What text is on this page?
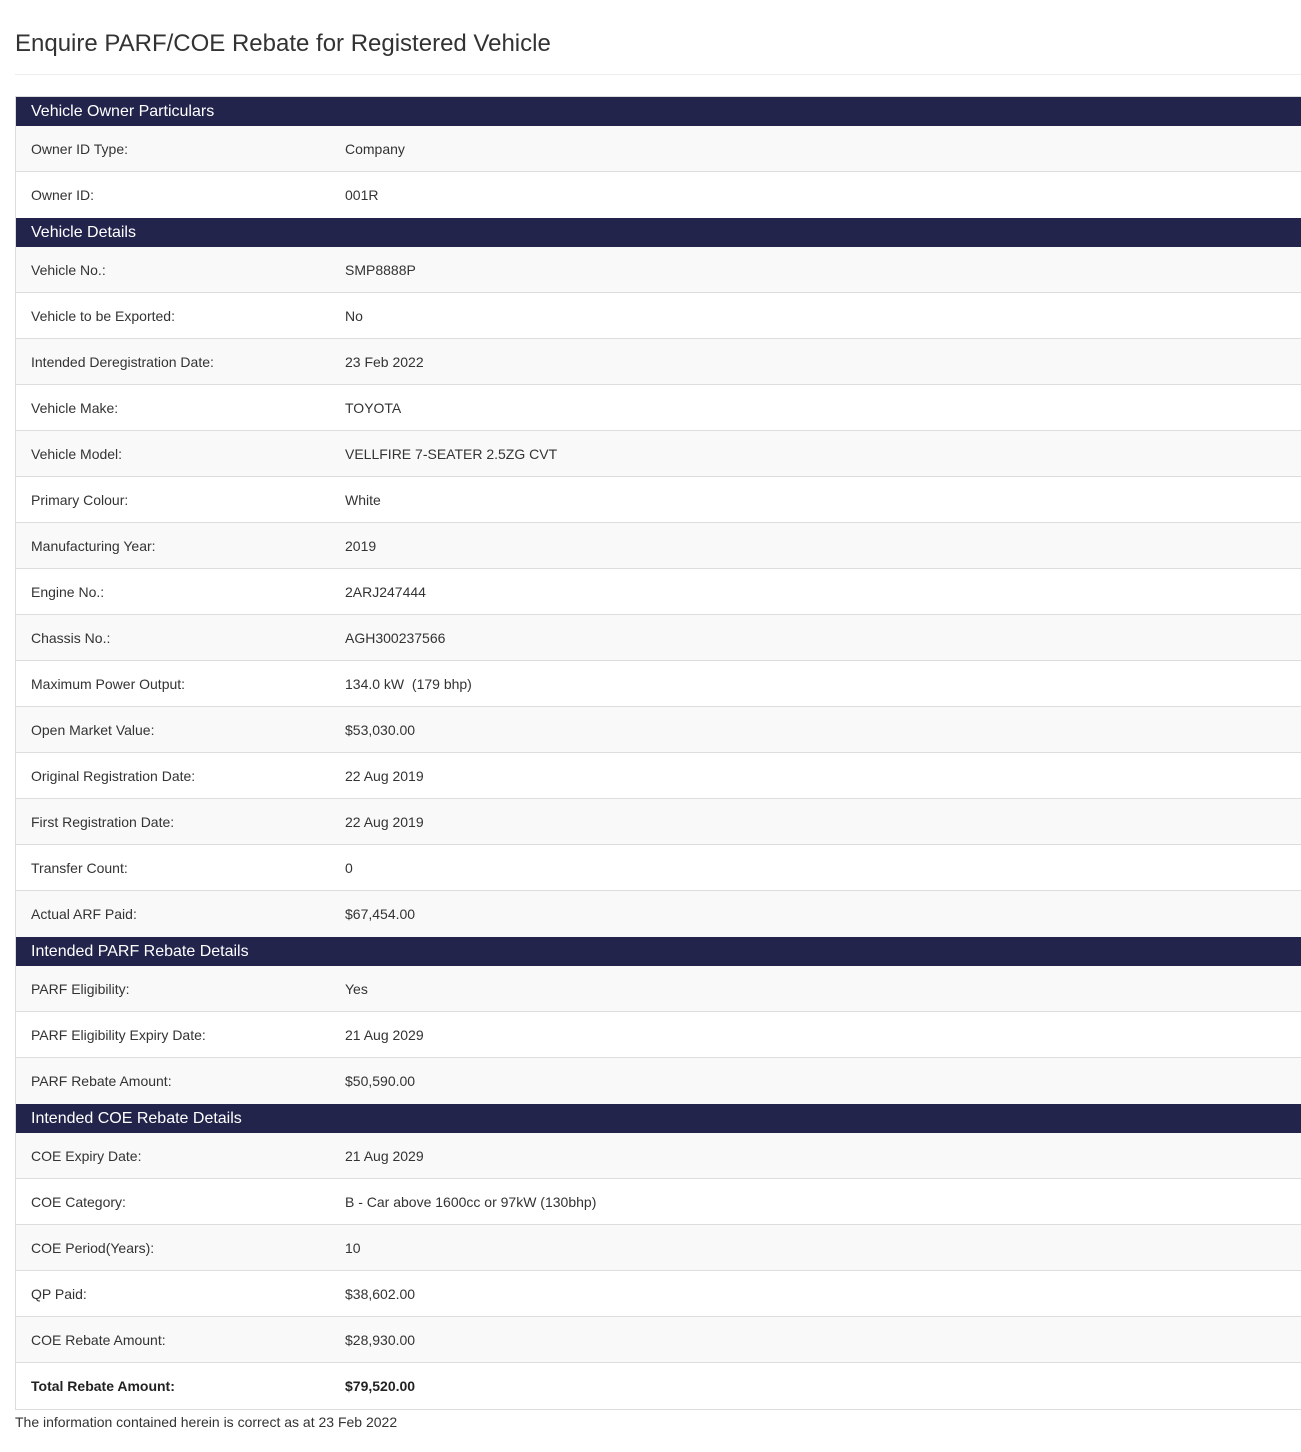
Enquire PARF/COE Rebate for Registered Vehicle
Vehicle Owner Particulars
Owner ID Type:	Company
Owner ID:	001R
Vehicle Details
Vehicle No.:	SMP8888P
Vehicle to be Exported:	No
Intended Deregistration Date:	23 Feb 2022
Vehicle Make:	TOYOTA
Vehicle Model:	VELLFIRE 7-SEATER 2.5ZG CVT
Primary Colour:	White
Manufacturing Year:	2019
Engine No.:	2ARJ247444
Chassis No.:	AGH300237566
Maximum Power Output:	134.0 kW  (179 bhp)
Open Market Value:	$53,030.00
Original Registration Date:	22 Aug 2019
First Registration Date:	22 Aug 2019
Transfer Count:	0
Actual ARF Paid:	$67,454.00
Intended PARF Rebate Details
PARF Eligibility:	Yes
PARF Eligibility Expiry Date:	21 Aug 2029
PARF Rebate Amount:	$50,590.00
Intended COE Rebate Details
COE Expiry Date:	21 Aug 2029
COE Category:	B - Car above 1600cc or 97kW (130bhp)
COE Period(Years):	10
QP Paid:	$38,602.00
COE Rebate Amount:	$28,930.00
Total Rebate Amount:	$79,520.00
The information contained herein is correct as at 23 Feb 2022
